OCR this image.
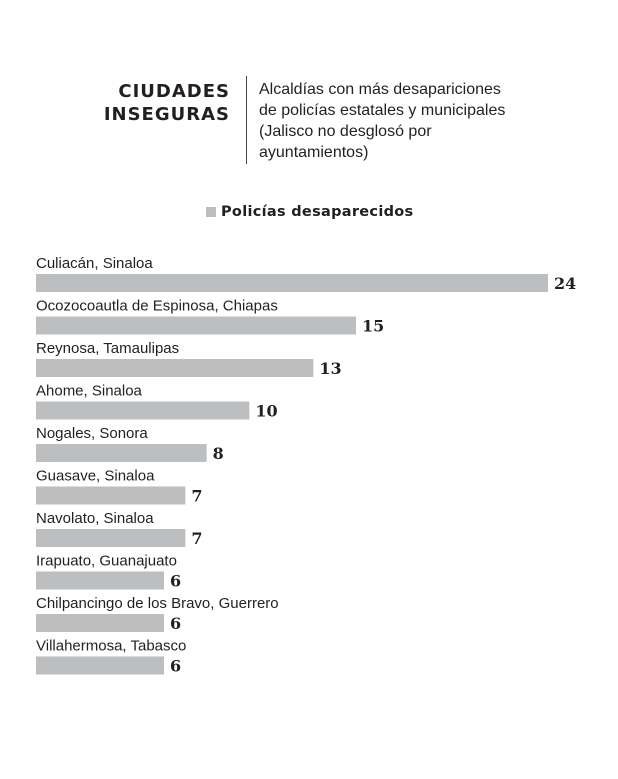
CIUDADES
INSEGURAS
Alcaldías con más desapariciones
de policías estatales y municipales
(Jalisco no desglosó por
ayuntamientos)
Policías desaparecidos
Culiacán, Sinaloa
24
Ocozocoautla de Espinosa, Chiapas
15
Reynosa, Tamaulipas
13
Ahome, Sinaloa
10
Nogales, Sonora
8
Guasave, Sinaloa
7
Navolato, Sinaloa
7
Irapuato, Guanajuato
6
Chilpancingo de los Bravo, Guerrero
6
Villahermosa, Tabasco
6
